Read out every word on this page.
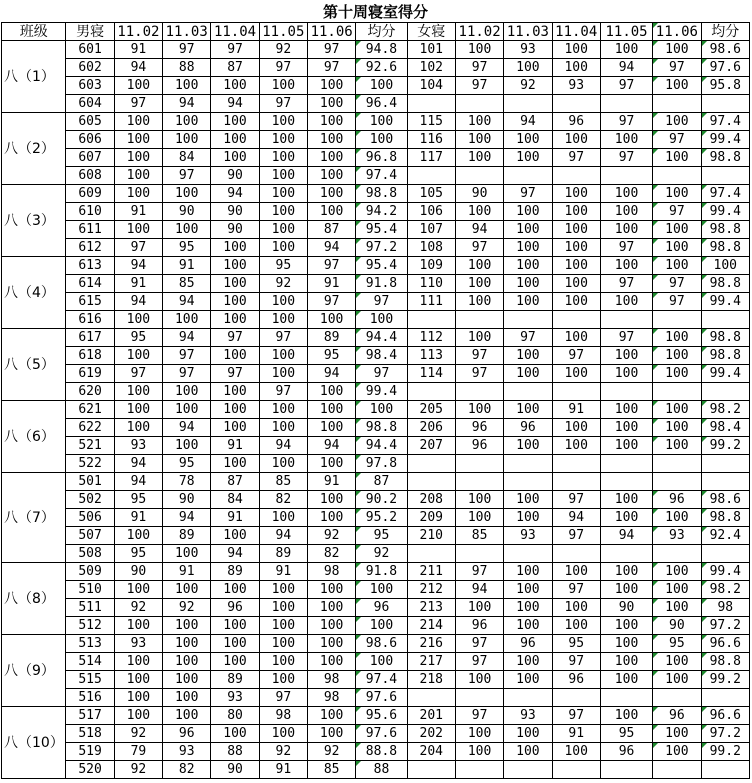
第十周寝室得分														
班级	男寝	11.02	11.03	11.04	11.05	11.06	均分	女寝	11.02	11.03	11.04	11.05	11.06	均分
八（1）	601	91	97	97	92	97	94.8	101	100	93	100	100	100	98.6
	602	94	88	87	97	97	92.6	102	97	100	100	94	97	97.6
	603	100	100	100	100	100	100	104	97	92	93	97	100	95.8
	604	97	94	94	97	100	96.4							
八（2）	605	100	100	100	100	100	100	115	100	94	96	97	100	97.4
	606	100	100	100	100	100	100	116	100	100	100	100	97	99.4
	607	100	84	100	100	100	96.8	117	100	100	97	97	100	98.8
	608	100	97	90	100	100	97.4							
八（3）	609	100	100	94	100	100	98.8	105	90	97	100	100	100	97.4
	610	91	90	90	100	100	94.2	106	100	100	100	100	97	99.4
	611	100	100	90	100	87	95.4	107	94	100	100	100	100	98.8
	612	97	95	100	100	94	97.2	108	97	100	100	97	100	98.8
八（4）	613	94	91	100	95	97	95.4	109	100	100	100	100	100	100
	614	91	85	100	92	91	91.8	110	100	100	100	97	97	98.8
	615	94	94	100	100	97	97	111	100	100	100	100	97	99.4
	616	100	100	100	100	100	100							
八（5）	617	95	94	97	97	89	94.4	112	100	97	100	97	100	98.8
	618	100	97	100	100	95	98.4	113	97	100	97	100	100	98.8
	619	97	97	97	100	94	97	114	97	100	100	100	100	99.4
	620	100	100	100	97	100	99.4							
八（6）	621	100	100	100	100	100	100	205	100	100	91	100	100	98.2
	622	100	94	100	100	100	98.8	206	96	96	100	100	100	98.4
	521	93	100	91	94	94	94.4	207	96	100	100	100	100	99.2
	522	94	95	100	100	100	97.8							
八（7）	501	94	78	87	85	91	87							
	502	95	90	84	82	100	90.2	208	100	100	97	100	96	98.6
	506	91	94	91	100	100	95.2	209	100	100	94	100	100	98.8
	507	100	89	100	94	92	95	210	85	93	97	94	93	92.4
	508	95	100	94	89	82	92							
八（8）	509	90	91	89	91	98	91.8	211	97	100	100	100	100	99.4
	510	100	100	100	100	100	100	212	94	100	97	100	100	98.2
	511	92	92	96	100	100	96	213	100	100	100	90	100	98
	512	100	100	100	100	100	100	214	96	100	100	100	90	97.2
八（9）	513	93	100	100	100	100	98.6	216	97	96	95	100	95	96.6
	514	100	100	100	100	100	100	217	97	100	97	100	100	98.8
	515	100	100	89	100	98	97.4	218	100	100	96	100	100	99.2
	516	100	100	93	97	98	97.6							
八（10）	517	100	100	80	98	100	95.6	201	97	93	97	100	96	96.6
	518	92	96	100	100	100	97.6	202	100	100	91	95	100	97.2
	519	79	93	88	92	92	88.8	204	100	100	100	96	100	99.2
	520	92	82	90	91	85	88							
